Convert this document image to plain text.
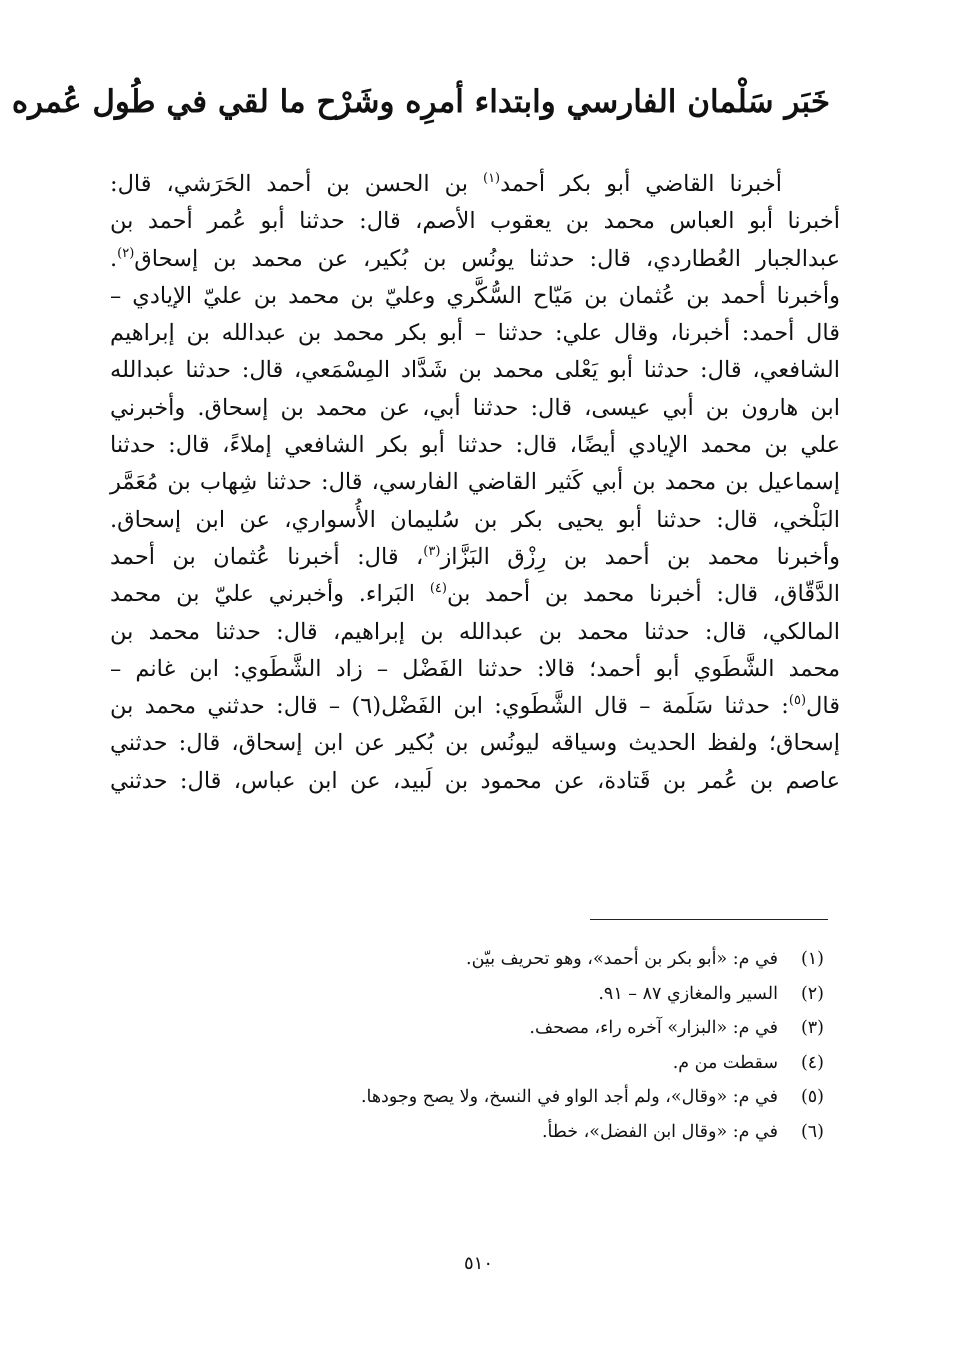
خَبَر سَلْمان الفارسي وابتداء أمرِه وشَرْح ما لقي في طُول عُمره
أخبرنا القاضي أبو بكر أحمد$^{(١)}$ بن الحسن بن أحمد الحَرَشي، قال:
أخبرنا أبو العباس محمد بن يعقوب الأصم، قال: حدثنا أبو عُمر أحمد بن
عبدالجبار العُطاردي، قال: حدثنا يونُس بن بُكير، عن محمد بن إسحاق$^{(٢)}$.
وأخبرنا أحمد بن عُثمان بن مَيّاح السُّكَّري وعليّ بن محمد بن عليّ الإيادي –
قال أحمد: أخبرنا، وقال علي: حدثنا – أبو بكر محمد بن عبدالله بن إبراهيم
الشافعي، قال: حدثنا أبو يَعْلى محمد بن شَدَّاد المِسْمَعي، قال: حدثنا عبدالله
ابن هارون بن أبي عيسى، قال: حدثنا أبي، عن محمد بن إسحاق. وأخبرني
علي بن محمد الإيادي أيضًا، قال: حدثنا أبو بكر الشافعي إملاءً، قال: حدثنا
إسماعيل بن محمد بن أبي كَثير القاضي الفارسي، قال: حدثنا شِهاب بن مُعَمَّر
البَلْخي، قال: حدثنا أبو يحيى بكر بن سُليمان الأُسواري، عن ابن إسحاق.
وأخبرنا محمد بن أحمد بن رِزْق البَزَّاز$^{(٣)}$، قال: أخبرنا عُثمان بن أحمد
الدَّقّاق، قال: أخبرنا محمد بن أحمد بن$^{(٤)}$ البَراء. وأخبرني عليّ بن محمد
المالكي، قال: حدثنا محمد بن عبدالله بن إبراهيم، قال: حدثنا محمد بن
محمد الشَّطَوي أبو أحمد؛ قالا: حدثنا الفَضْل – زاد الشَّطَوي: ابن غانم –
قال$^{(٥)}$: حدثنا سَلَمة – قال الشَّطَوي: ابن الفَضْل(٦) – قال: حدثني محمد بن
إسحاق؛ ولفظ الحديث وسياقه ليونُس بن بُكير عن ابن إسحاق، قال: حدثني
عاصم بن عُمر بن قَتادة، عن محمود بن لَبيد، عن ابن عباس، قال: حدثني
(١)في م: «أبو بكر بن أحمد»، وهو تحريف بيّن.
(٢)السير والمغازي ٨٧ – ٩١.
(٣)في م: «البزار» آخره راء، مصحف.
(٤)سقطت من م.
(٥)في م: «وقال»، ولم أجد الواو في النسخ، ولا يصح وجودها.
(٦)في م: «وقال ابن الفضل»، خطأ.
٥١٠
